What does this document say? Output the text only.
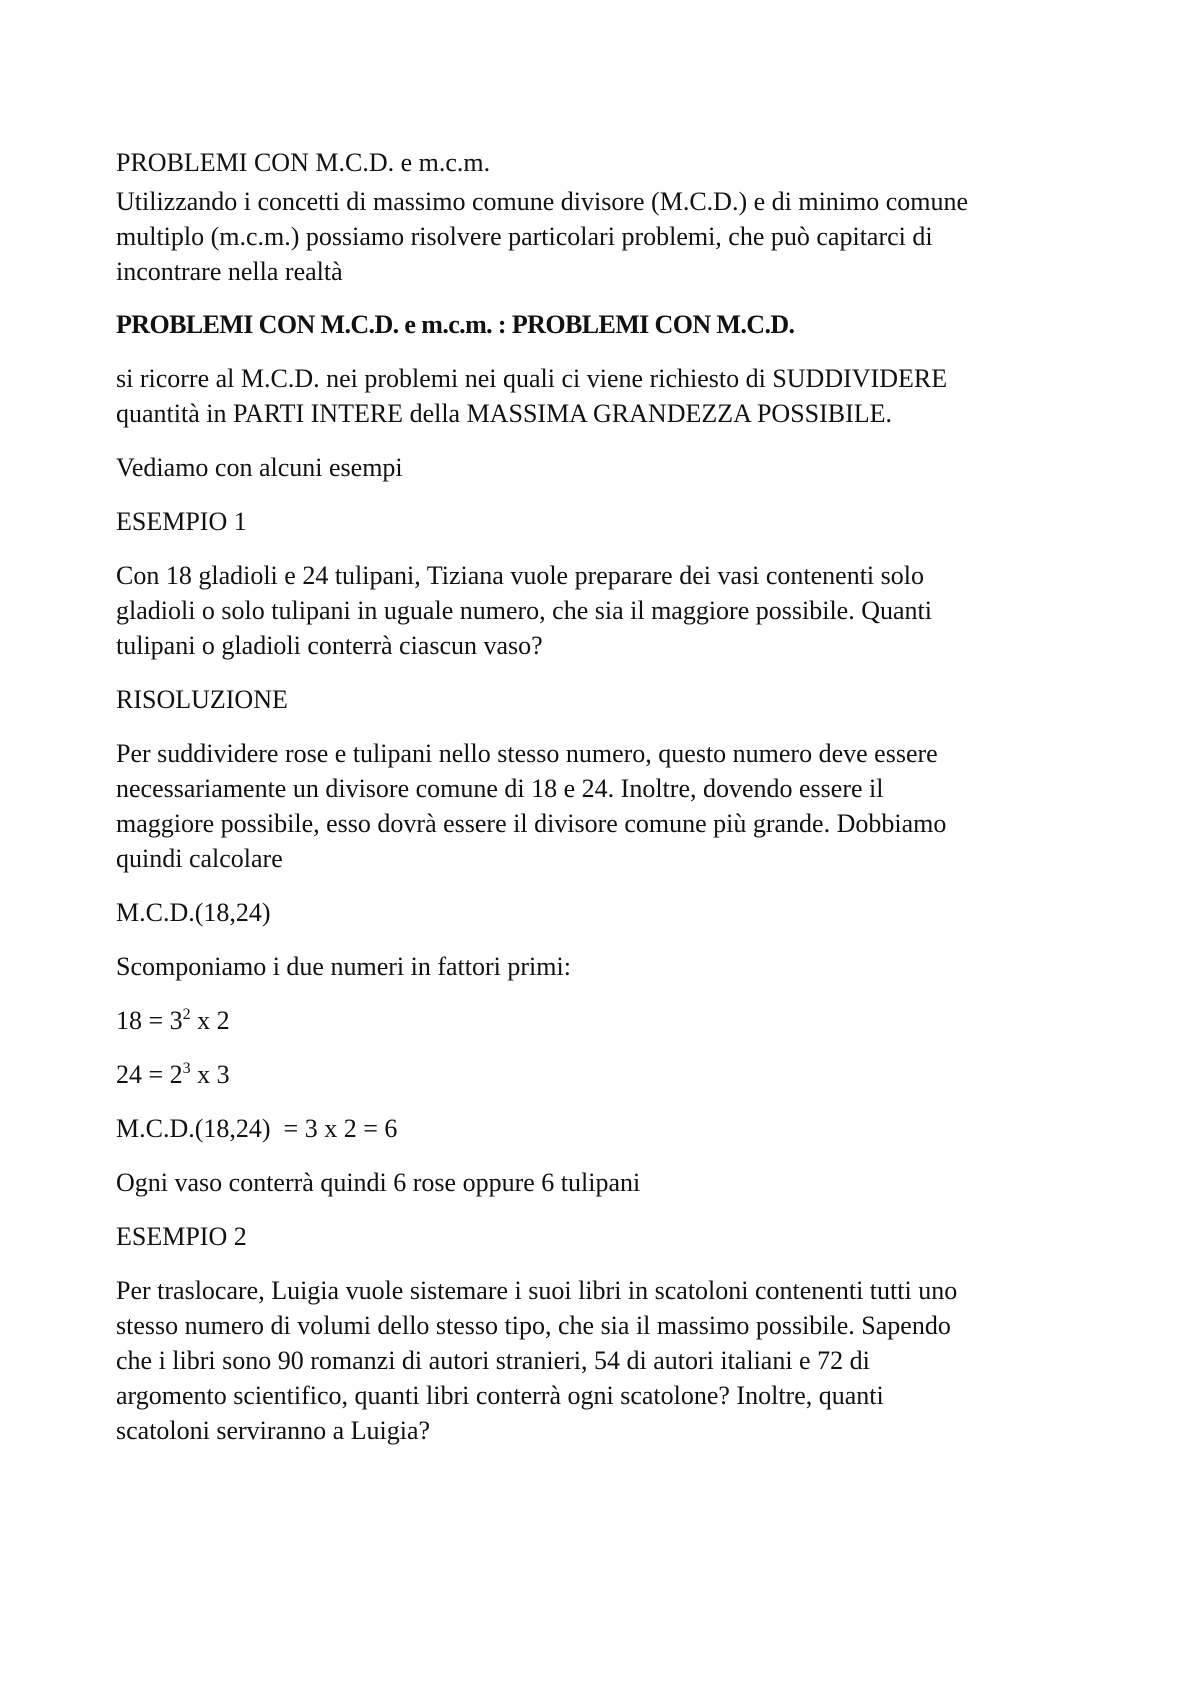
PROBLEMI CON M.C.D. e m.c.m.

Utilizzando i concetti di massimo comune divisore (M.C.D.) e di minimo comune

multiplo (m.c.m.) possiamo risolvere particolari problemi, che può capitarci di

incontrare nella realtà

PROBLEMI CON M.C.D. e m.c.m. : PROBLEMI CON M.C.D.

si ricorre al M.C.D. nei problemi nei quali ci viene richiesto di SUDDIVIDERE

quantità in PARTI INTERE della MASSIMA GRANDEZZA POSSIBILE.

Vediamo con alcuni esempi

ESEMPIO 1

Con 18 gladioli e 24 tulipani, Tiziana vuole preparare dei vasi contenenti solo

gladioli o solo tulipani in uguale numero, che sia il maggiore possibile. Quanti

tulipani o gladioli conterrà ciascun vaso?

RISOLUZIONE

Per suddividere rose e tulipani nello stesso numero, questo numero deve essere

necessariamente un divisore comune di 18 e 24. Inoltre, dovendo essere il

maggiore possibile, esso dovrà essere il divisore comune più grande. Dobbiamo

quindi calcolare

M.C.D.(18,24)

Scomponiamo i due numeri in fattori primi:

$18 = 3^2$ x 2

$24 = 2^3$ x 3

M.C.D.(18,24)  = 3 x 2 = 6

Ogni vaso conterrà quindi 6 rose oppure 6 tulipani

ESEMPIO 2

Per traslocare, Luigia vuole sistemare i suoi libri in scatoloni contenenti tutti uno

stesso numero di volumi dello stesso tipo, che sia il massimo possibile. Sapendo

che i libri sono 90 romanzi di autori stranieri, 54 di autori italiani e 72 di

argomento scientifico, quanti libri conterrà ogni scatolone? Inoltre, quanti

scatoloni serviranno a Luigia?
